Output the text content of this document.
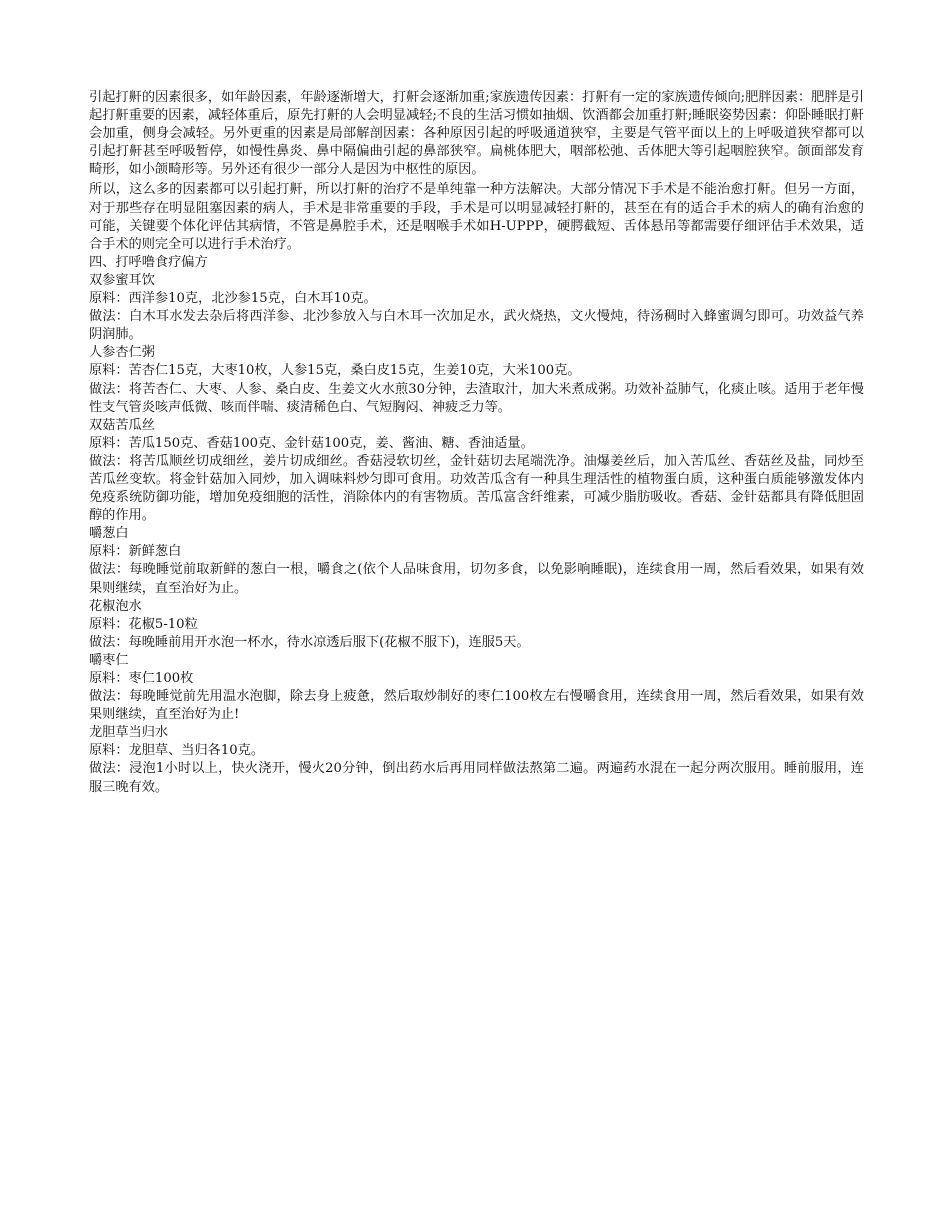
引起打鼾的因素很多，如年龄因素，年龄逐渐增大，打鼾会逐渐加重;家族遗传因素：打鼾有一定的家族遗传倾向;肥胖因素：肥胖是引起打鼾重要的因素，减轻体重后，原先打鼾的人会明显减轻;不良的生活习惯如抽烟、饮酒都会加重打鼾;睡眠姿势因素：仰卧睡眠打鼾会加重，侧身会减轻。另外更重的因素是局部解剖因素：各种原因引起的呼吸通道狭窄，主要是气管平面以上的上呼吸道狭窄都可以引起打鼾甚至呼吸暂停，如慢性鼻炎、鼻中隔偏曲引起的鼻部狭窄。扁桃体肥大，咽部松弛、舌体肥大等引起咽腔狭窄。颌面部发育畸形，如小颌畸形等。另外还有很少一部分人是因为中枢性的原因。

所以，这么多的因素都可以引起打鼾，所以打鼾的治疗不是单纯靠一种方法解决。大部分情况下手术是不能治愈打鼾。但另一方面，对于那些存在明显阻塞因素的病人，手术是非常重要的手段，手术是可以明显减轻打鼾的，甚至在有的适合手术的病人的确有治愈的可能，关键要个体化评估其病情，不管是鼻腔手术，还是咽喉手术如H-UPPP，硬腭截短、舌体悬吊等都需要仔细评估手术效果，适合手术的则完全可以进行手术治疗。

四、打呼噜食疗偏方

双参蜜耳饮

原料：西洋参10克，北沙参15克，白木耳10克。

做法：白木耳水发去杂后将西洋参、北沙参放入与白木耳一次加足水，武火烧热，文火慢炖，待汤稠时入蜂蜜调匀即可。功效益气养阴润肺。

人参杏仁粥

原料：苦杏仁15克，大枣10枚，人参15克，桑白皮15克，生姜10克，大米100克。

做法：将苦杏仁、大枣、人参、桑白皮、生姜文火水煎30分钟，去渣取汁，加大米煮成粥。功效补益肺气，化痰止咳。适用于老年慢性支气管炎咳声低微、咳而伴喘、痰清稀色白、气短胸闷、神疲乏力等。

双菇苦瓜丝

原料：苦瓜150克、香菇100克、金针菇100克，姜、酱油、糖、香油适量。

做法：将苦瓜顺丝切成细丝，姜片切成细丝。香菇浸软切丝，金针菇切去尾端洗净。油爆姜丝后，加入苦瓜丝、香菇丝及盐，同炒至苦瓜丝变软。将金针菇加入同炒，加入调味料炒匀即可食用。功效苦瓜含有一种具生理活性的植物蛋白质，这种蛋白质能够激发体内免疫系统防御功能，增加免疫细胞的活性，消除体内的有害物质。苦瓜富含纤维素，可减少脂肪吸收。香菇、金针菇都具有降低胆固醇的作用。

嚼葱白

原料：新鲜葱白

做法：每晚睡觉前取新鲜的葱白一根，嚼食之(依个人品味食用，切勿多食，以免影响睡眠)，连续食用一周，然后看效果，如果有效果则继续，直至治好为止。

花椒泡水

原料：花椒5-10粒

做法：每晚睡前用开水泡一杯水，待水凉透后服下(花椒不服下)，连服5天。

嚼枣仁

原料：枣仁100枚

做法：每晚睡觉前先用温水泡脚，除去身上疲惫，然后取炒制好的枣仁100枚左右慢嚼食用，连续食用一周，然后看效果，如果有效果则继续，直至治好为止!

龙胆草当归水

原料：龙胆草、当归各10克。

做法：浸泡1小时以上，快火浇开，慢火20分钟，倒出药水后再用同样做法熬第二遍。两遍药水混在一起分两次服用。睡前服用，连服三晚有效。
